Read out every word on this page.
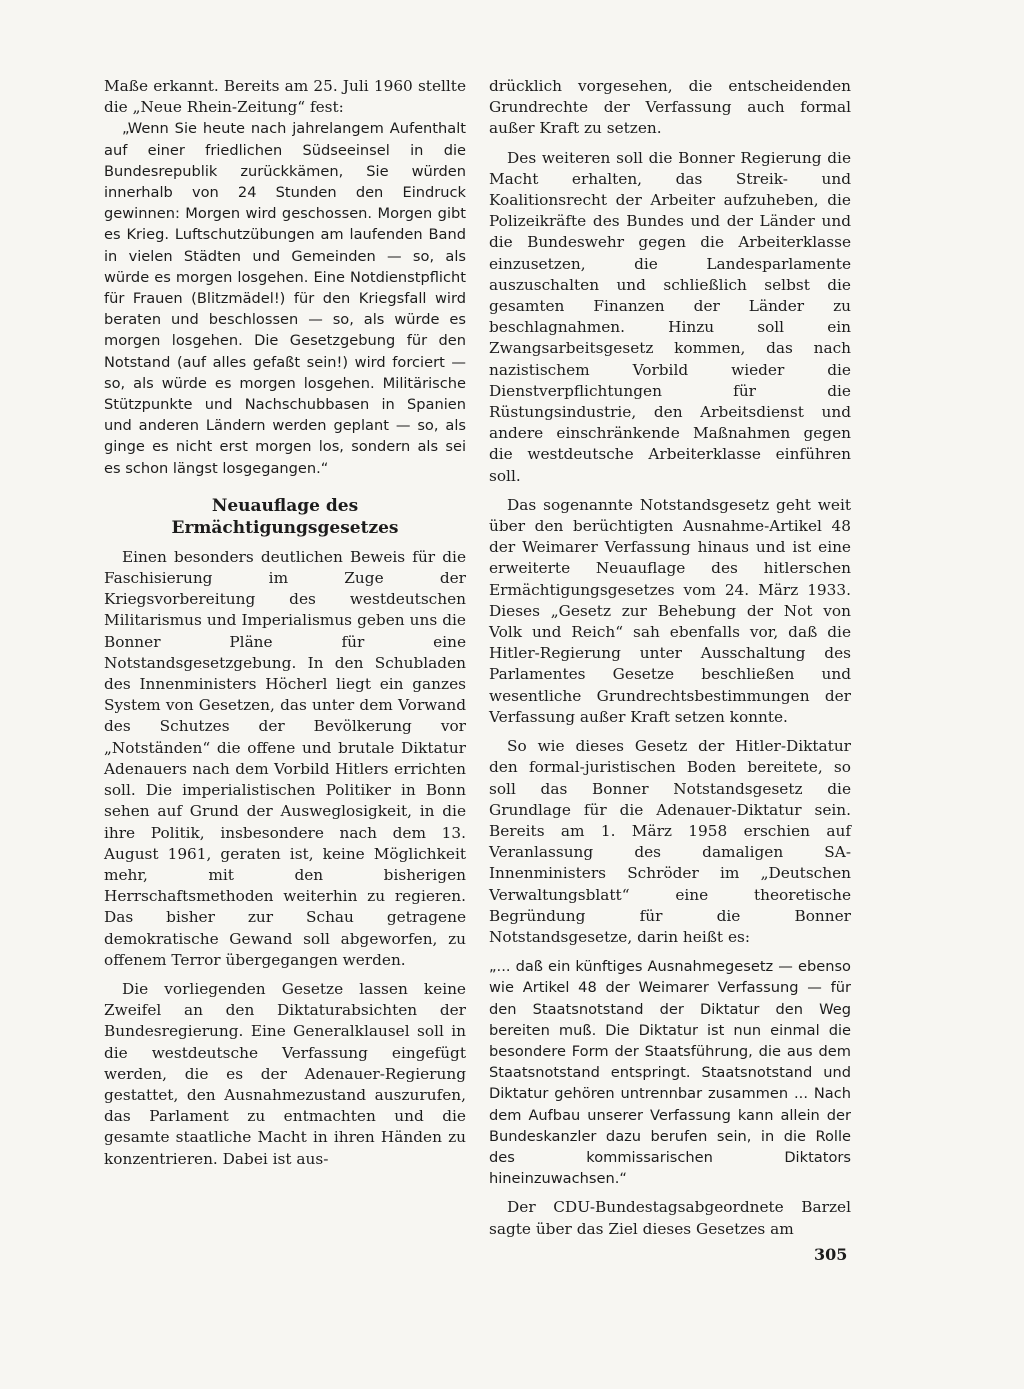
Maße erkannt. Bereits am 25. Juli 1960 stellte die „Neue Rhein-Zeitung“ fest:

„Wenn Sie heute nach jahrelangem Aufenthalt auf einer friedlichen Südseeinsel in die Bundesrepublik zurückkämen, Sie würden innerhalb von 24 Stunden den Eindruck gewinnen: Morgen wird geschossen. Morgen gibt es Krieg. Luftschutzübungen am laufenden Band in vielen Städten und Gemeinden — so, als würde es morgen losgehen. Eine Notdienstpflicht für Frauen (Blitzmädel!) für den Kriegsfall wird beraten und beschlossen — so, als würde es morgen losgehen. Die Gesetzgebung für den Notstand (auf alles gefaßt sein!) wird forciert — so, als würde es morgen losgehen. Militärische Stützpunkte und Nachschubbasen in Spanien und anderen Ländern werden geplant — so, als ginge es nicht erst morgen los, sondern als sei es schon längst losgegangen.“

Neuauflage des Ermächtigungsgesetzes

Einen besonders deutlichen Beweis für die Faschisierung im Zuge der Kriegsvorbereitung des westdeutschen Militarismus und Imperialismus geben uns die Bonner Pläne für eine Notstandsgesetzgebung. In den Schubladen des Innenministers Höcherl liegt ein ganzes System von Gesetzen, das unter dem Vorwand des Schutzes der Bevölkerung vor „Notständen“ die offene und brutale Diktatur Adenauers nach dem Vorbild Hitlers errichten soll. Die imperialistischen Politiker in Bonn sehen auf Grund der Ausweglosigkeit, in die ihre Politik, insbesondere nach dem 13. August 1961, geraten ist, keine Möglichkeit mehr, mit den bisherigen Herrschaftsmethoden weiterhin zu regieren. Das bisher zur Schau getragene demokratische Gewand soll abgeworfen, zu offenem Terror übergegangen werden.

Die vorliegenden Gesetze lassen keine Zweifel an den Diktaturabsichten der Bundesregierung. Eine Generalklausel soll in die westdeutsche Verfassung eingefügt werden, die es der Adenauer-Regierung gestattet, den Ausnahmezustand auszurufen, das Parlament zu entmachten und die gesamte staatliche Macht in ihren Händen zu konzentrieren. Dabei ist aus-

drücklich vorgesehen, die entscheidenden Grundrechte der Verfassung auch formal außer Kraft zu setzen.

Des weiteren soll die Bonner Regierung die Macht erhalten, das Streik- und Koalitionsrecht der Arbeiter aufzuheben, die Polizeikräfte des Bundes und der Länder und die Bundeswehr gegen die Arbeiterklasse einzusetzen, die Landesparlamente auszuschalten und schließlich selbst die gesamten Finanzen der Länder zu beschlagnahmen. Hinzu soll ein Zwangsarbeitsgesetz kommen, das nach nazistischem Vorbild wieder die Dienstverpflichtungen für die Rüstungsindustrie, den Arbeitsdienst und andere einschränkende Maßnahmen gegen die westdeutsche Arbeiterklasse einführen soll.

Das sogenannte Notstandsgesetz geht weit über den berüchtigten Ausnahme-Artikel 48 der Weimarer Verfassung hinaus und ist eine erweiterte Neuauflage des hitlerschen Ermächtigungsgesetzes vom 24. März 1933. Dieses „Gesetz zur Behebung der Not von Volk und Reich“ sah ebenfalls vor, daß die Hitler-Regierung unter Ausschaltung des Parlamentes Gesetze beschließen und wesentliche Grundrechtsbestimmungen der Verfassung außer Kraft setzen konnte.

So wie dieses Gesetz der Hitler-Diktatur den formal-juristischen Boden bereitete, so soll das Bonner Notstandsgesetz die Grundlage für die Adenauer-Diktatur sein. Bereits am 1. März 1958 erschien auf Veranlassung des damaligen SA-Innenministers Schröder im „Deutschen Verwaltungsblatt“ eine theoretische Begründung für die Bonner Notstandsgesetze, darin heißt es:

„... daß ein künftiges Ausnahmegesetz — ebenso wie Artikel 48 der Weimarer Verfassung — für den Staatsnotstand der Diktatur den Weg bereiten muß. Die Diktatur ist nun einmal die besondere Form der Staatsführung, die aus dem Staatsnotstand entspringt. Staatsnotstand und Diktatur gehören untrennbar zusammen ... Nach dem Aufbau unserer Verfassung kann allein der Bundeskanzler dazu berufen sein, in die Rolle des kommissarischen Diktators hineinzuwachsen.“

Der CDU-Bundestagsabgeordnete Barzel sagte über das Ziel dieses Gesetzes am

305
